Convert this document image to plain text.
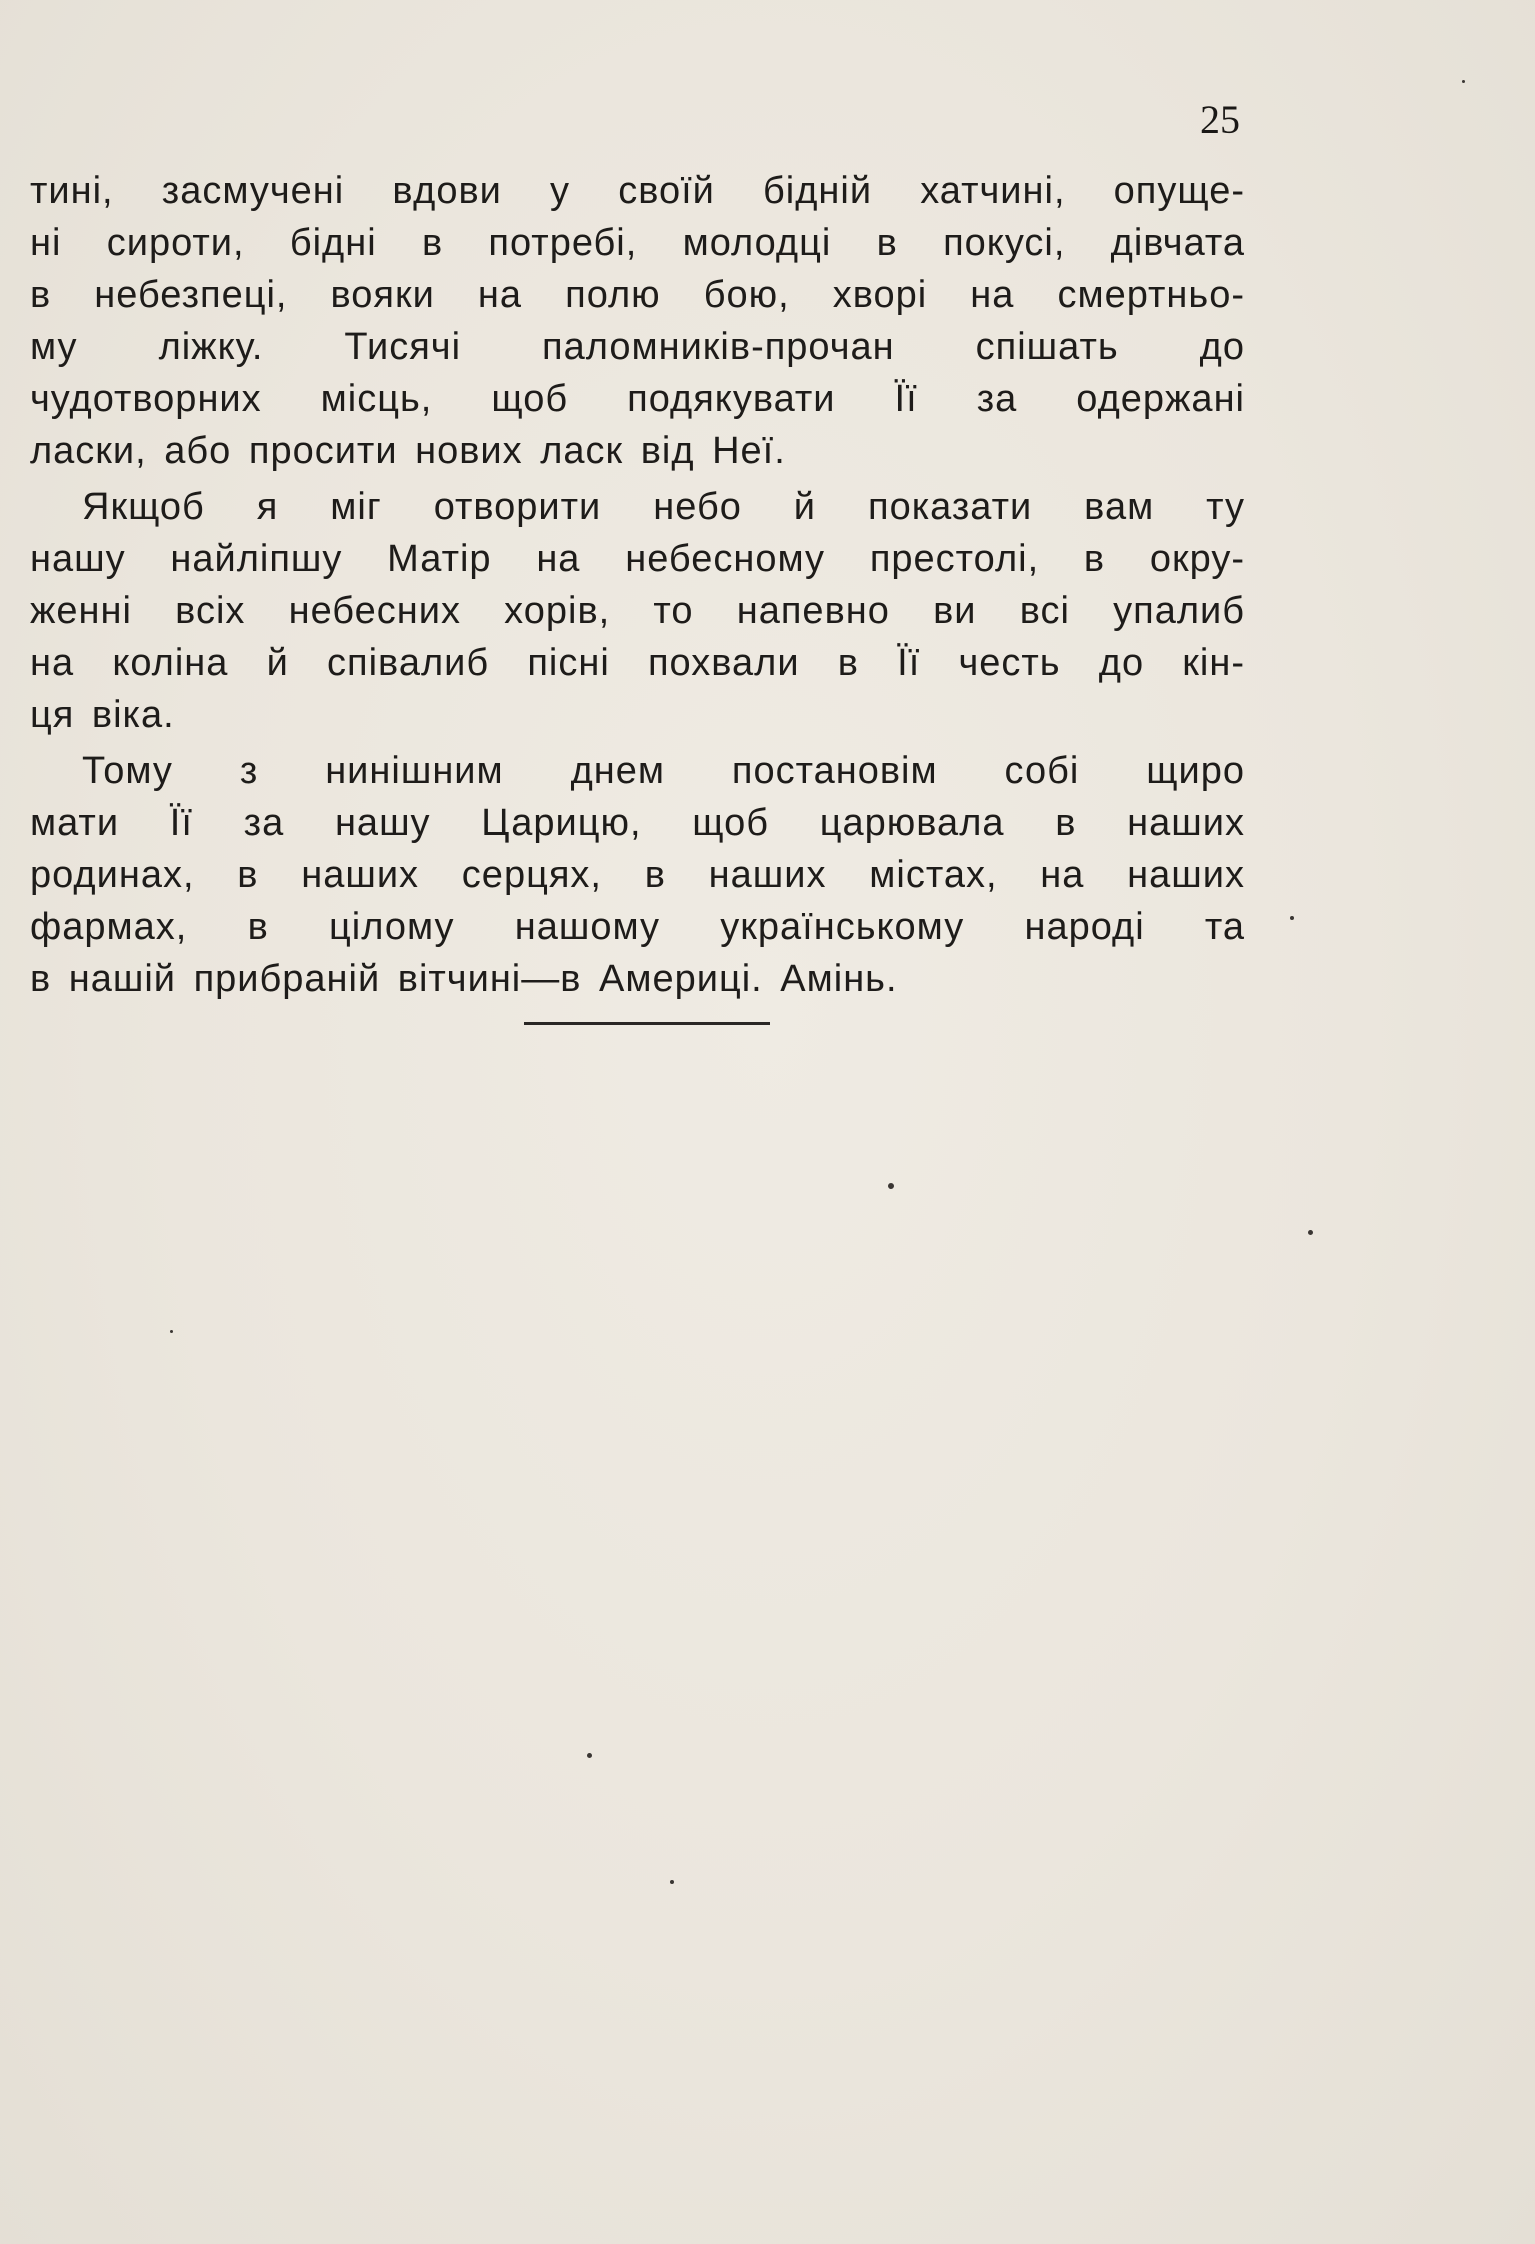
25
тині, засмучені вдови у своїй бідній хатчині, опуще-
ні сироти, бідні в потребі, молодці в покусі, дівчата
в небезпеці, вояки на полю бою, хворі на смертньо-
му ліжку. Тисячі паломників-прочан спішать до
чудотворних місць, щоб подякувати Її за одержані
ласки, або просити нових ласк від Неї.
Якщоб я міг отворити небо й показати вам ту
нашу найліпшу Матір на небесному престолі, в окру-
женні всіх небесних хорів, то напевно ви всі упалиб
на коліна й співалиб пісні похвали в Її честь до кін-
ця віка.
Тому з нинішним днем постановім собі щиро
мати Її за нашу Царицю, щоб царювала в наших
родинах, в наших серцях, в наших містах, на наших
фармах, в цілому нашому українському народі та
в нашій прибраній вітчині—в Америці. Амінь.
